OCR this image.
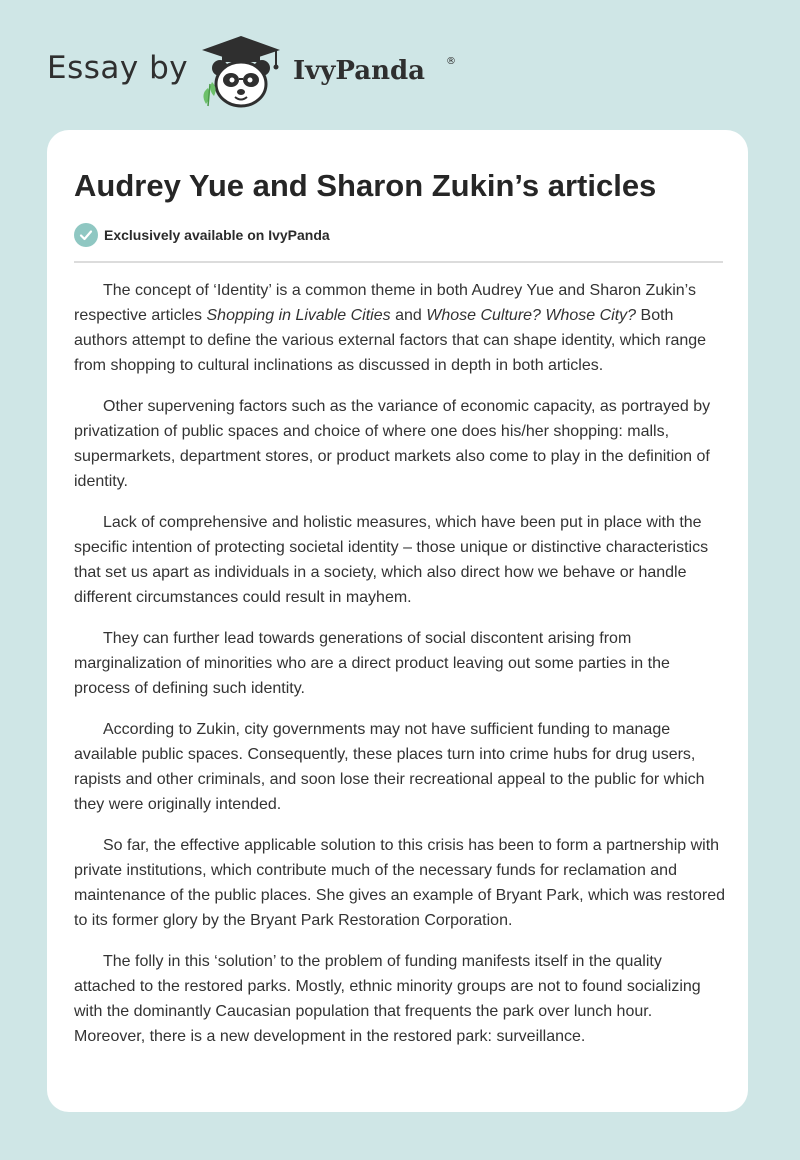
Essay by	IvyPanda ®
Audrey Yue and Sharon Zukin’s articles
Exclusively available on IvyPanda

The concept of ‘Identity’ is a common theme in both Audrey Yue and Sharon Zukin’s respective articles Shopping in Livable Cities and Whose Culture? Whose City? Both authors attempt to define the various external factors that can shape identity, which range from shopping to cultural inclinations as discussed in depth in both articles.

Other supervening factors such as the variance of economic capacity, as portrayed by privatization of public spaces and choice of where one does his/her shopping: malls, supermarkets, department stores, or product markets also come to play in the definition of identity.

Lack of comprehensive and holistic measures, which have been put in place with the specific intention of protecting societal identity – those unique or distinctive characteristics that set us apart as individuals in a society, which also direct how we behave or handle different circumstances could result in mayhem.

They can further lead towards generations of social discontent arising from marginalization of minorities who are a direct product leaving out some parties in the process of defining such identity.

According to Zukin, city governments may not have sufficient funding to manage available public spaces. Consequently, these places turn into crime hubs for drug users, rapists and other criminals, and soon lose their recreational appeal to the public for which they were originally intended.

So far, the effective applicable solution to this crisis has been to form a partnership with private institutions, which contribute much of the necessary funds for reclamation and maintenance of the public places. She gives an example of Bryant Park, which was restored to its former glory by the Bryant Park Restoration Corporation.

The folly in this ‘solution’ to the problem of funding manifests itself in the quality attached to the restored parks. Mostly, ethnic minority groups are not to found socializing with the dominantly Caucasian population that frequents the park over lunch hour. Moreover, there is a new development in the restored park: surveillance.
